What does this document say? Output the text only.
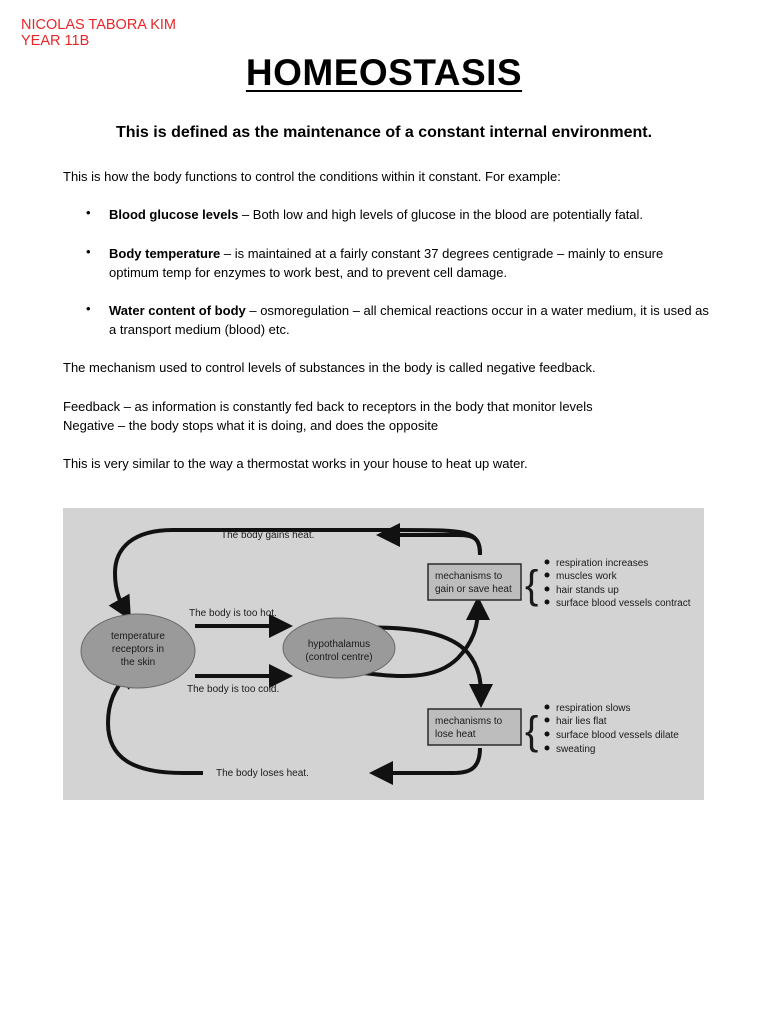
NICOLAS TABORA KIM
YEAR 11B
HOMEOSTASIS
This is defined as the maintenance of a constant internal environment.
This is how the body functions to control the conditions within it constant. For example:
• Blood glucose levels – Both low and high levels of glucose in the blood are potentially fatal.
• Body temperature – is maintained at a fairly constant 37 degrees centigrade – mainly to ensure optimum temp for enzymes to work best, and to prevent cell damage.
• Water content of body – osmoregulation – all chemical reactions occur in a water medium, it is used as a transport medium (blood) etc.
The mechanism used to control levels of substances in the body is called negative feedback.
Feedback – as information is constantly fed back to receptors in the body that monitor levels
Negative – the body stops what it is doing, and does the opposite
This is very similar to the way a thermostat works in your house to heat up water.
temperature
receptors in
the skin
hypothalamus
(control centre)
The body gains heat.
The body is too hot.
The body is too cold.
The body loses heat.
mechanisms to
gain or save heat { respiration increases
muscles work
hair stands up
surface blood vessels contract
mechanisms to
lose heat {
respiration slows
hair lies flat
surface blood vessels dilate
sweating
